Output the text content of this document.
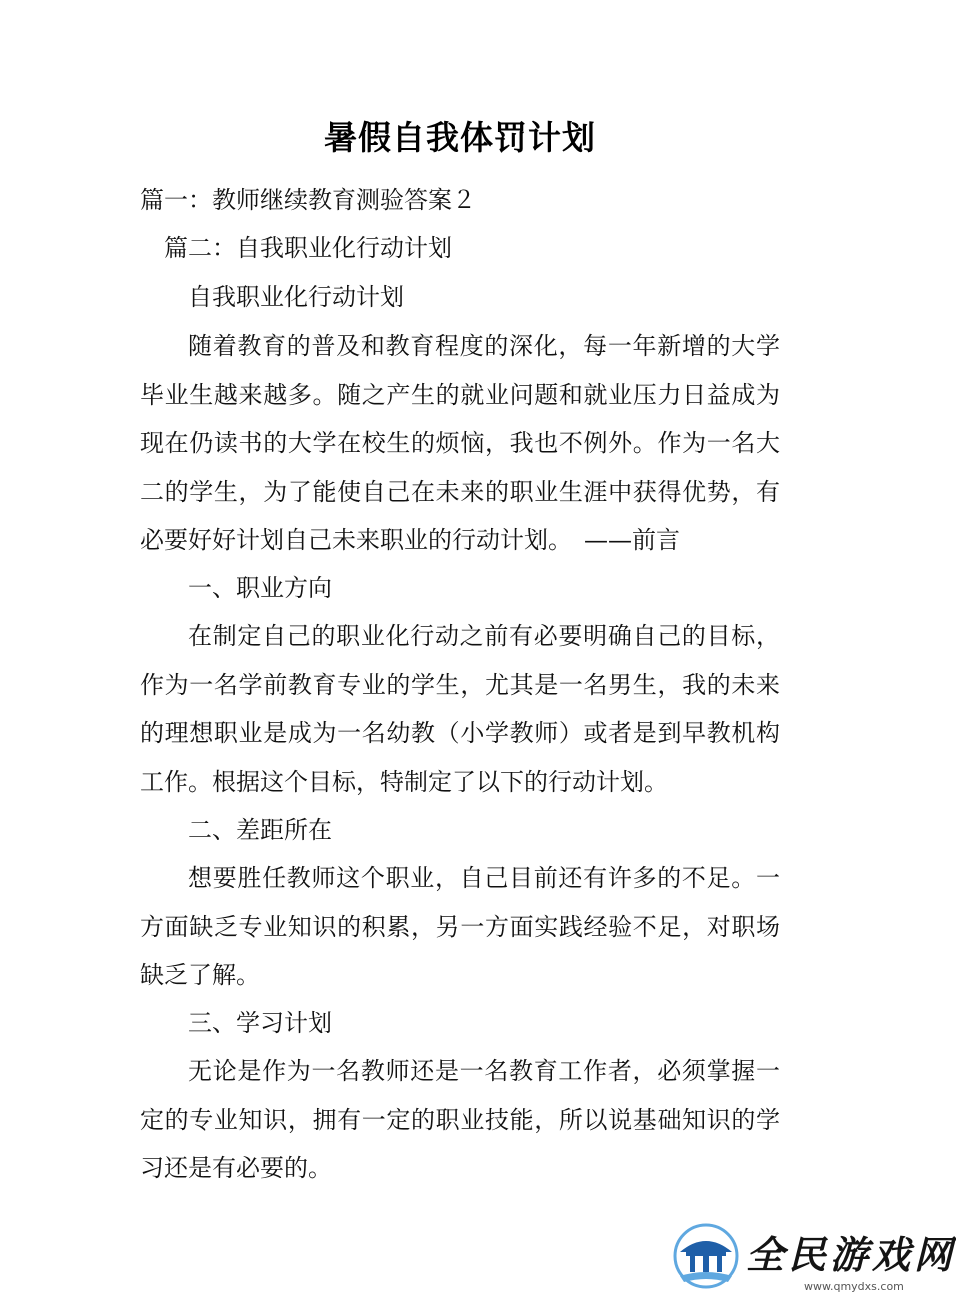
暑假自我体罚计划
篇一：教师继续教育测验答案２
篇二：自我职业化行动计划
自我职业化行动计划
随着教育的普及和教育程度的深化，每一年新增的大学毕业生越来越多。随之产生的就业问题和就业压力日益成为现在仍读书的大学在校生的烦恼，我也不例外。作为一名大二的学生，为了能使自己在未来的职业生涯中获得优势，有必要好好计划自己未来职业的行动计划。　——前言
一、职业方向
在制定自己的职业化行动之前有必要明确自己的目标，作为一名学前教育专业的学生，尤其是一名男生，我的未来的理想职业是成为一名幼教（小学教师）或者是到早教机构工作。根据这个目标，特制定了以下的行动计划。
二、差距所在
想要胜任教师这个职业，自己目前还有许多的不足。一方面缺乏专业知识的积累，另一方面实践经验不足，对职场缺乏了解。
三、学习计划
无论是作为一名教师还是一名教育工作者，必须掌握一定的专业知识，拥有一定的职业技能，所以说基础知识的学习还是有必要的。
全民游戏网
www.qmydxs.com
